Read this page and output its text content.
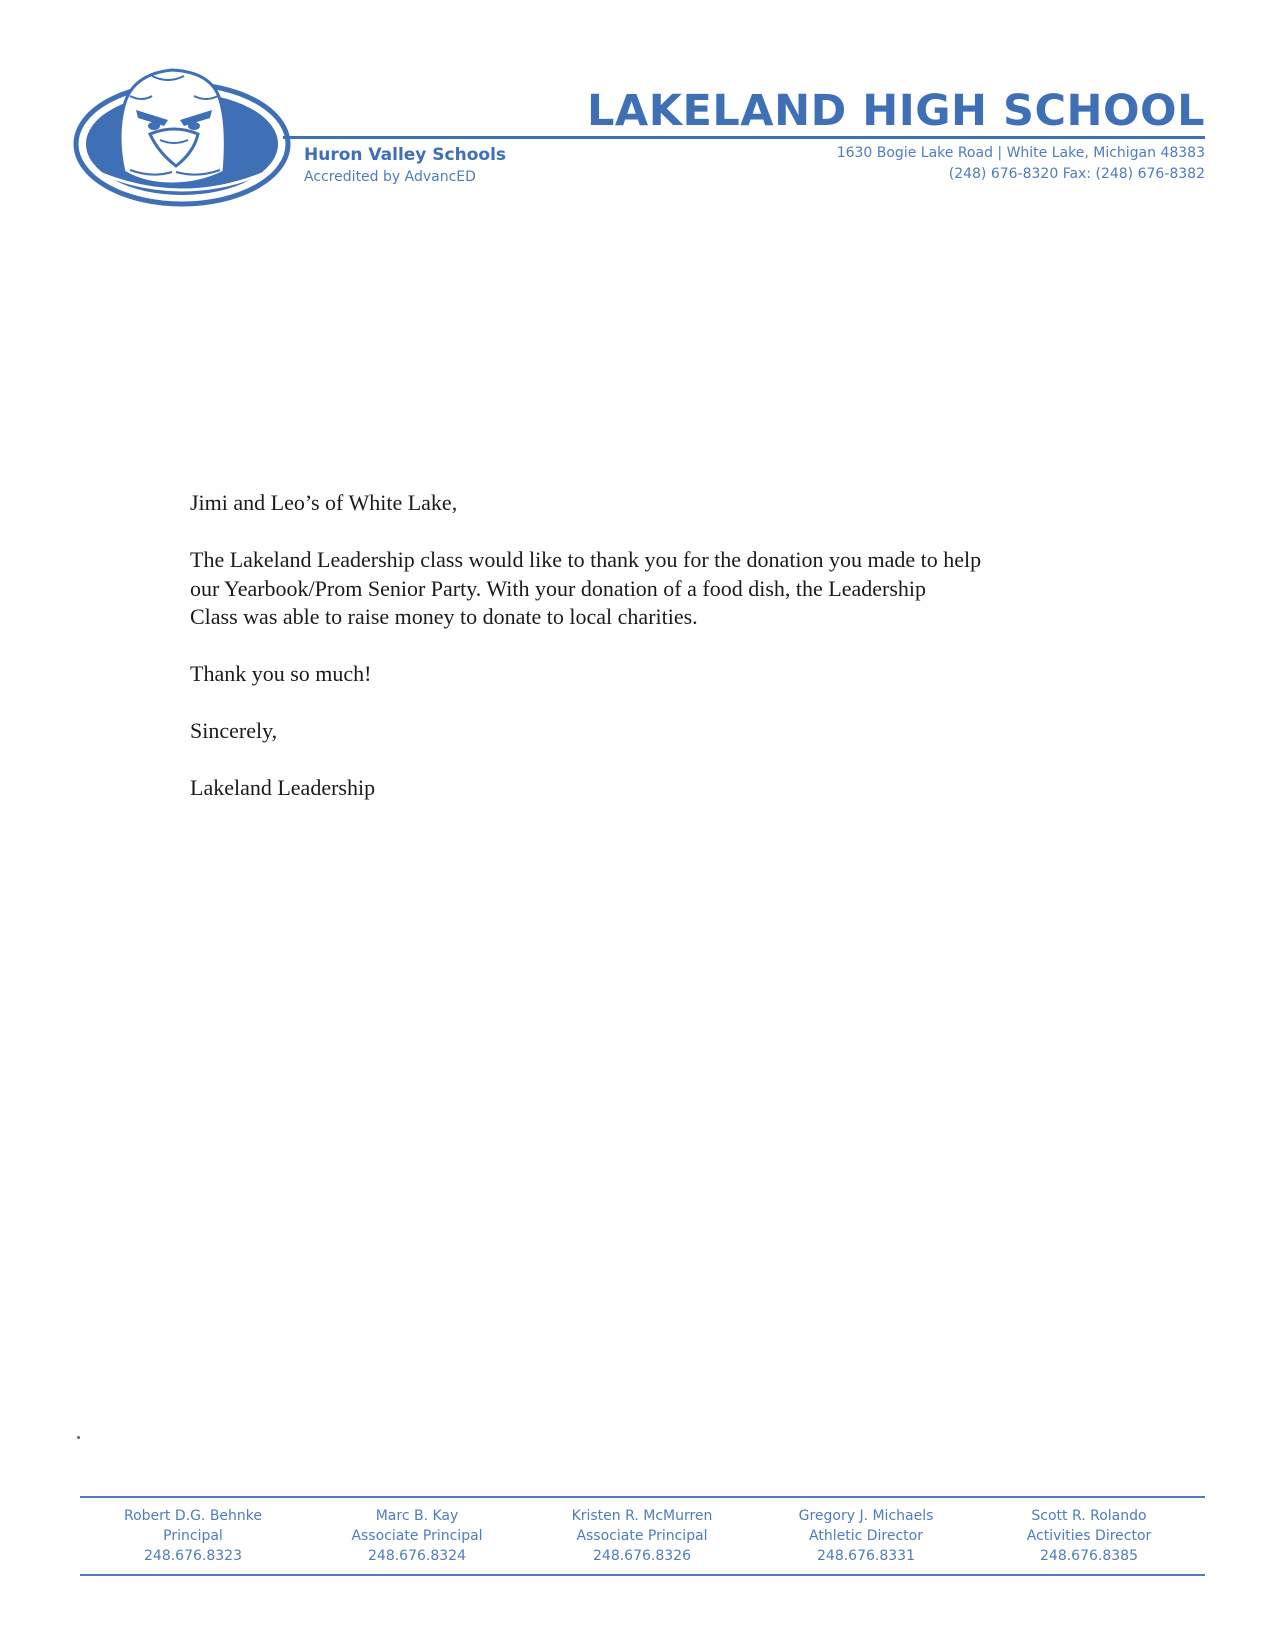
LAKELAND HIGH SCHOOL
Huron Valley Schools
Accredited by AdvancED
1630 Bogie Lake Road | White Lake, Michigan 48383
(248) 676-8320 Fax: (248) 676-8382

Jimi and Leo’s of White Lake,

The Lakeland Leadership class would like to thank you for the donation you made to help
our Yearbook/Prom Senior Party. With your donation of a food dish, the Leadership
Class was able to raise money to donate to local charities.

Thank you so much!

Sincerely,

Lakeland Leadership

Robert D.G. Behnke
Principal
248.676.8323
Marc B. Kay
Associate Principal
248.676.8324
Kristen R. McMurren
Associate Principal
248.676.8326
Gregory J. Michaels
Athletic Director
248.676.8331
Scott R. Rolando
Activities Director
248.676.8385
